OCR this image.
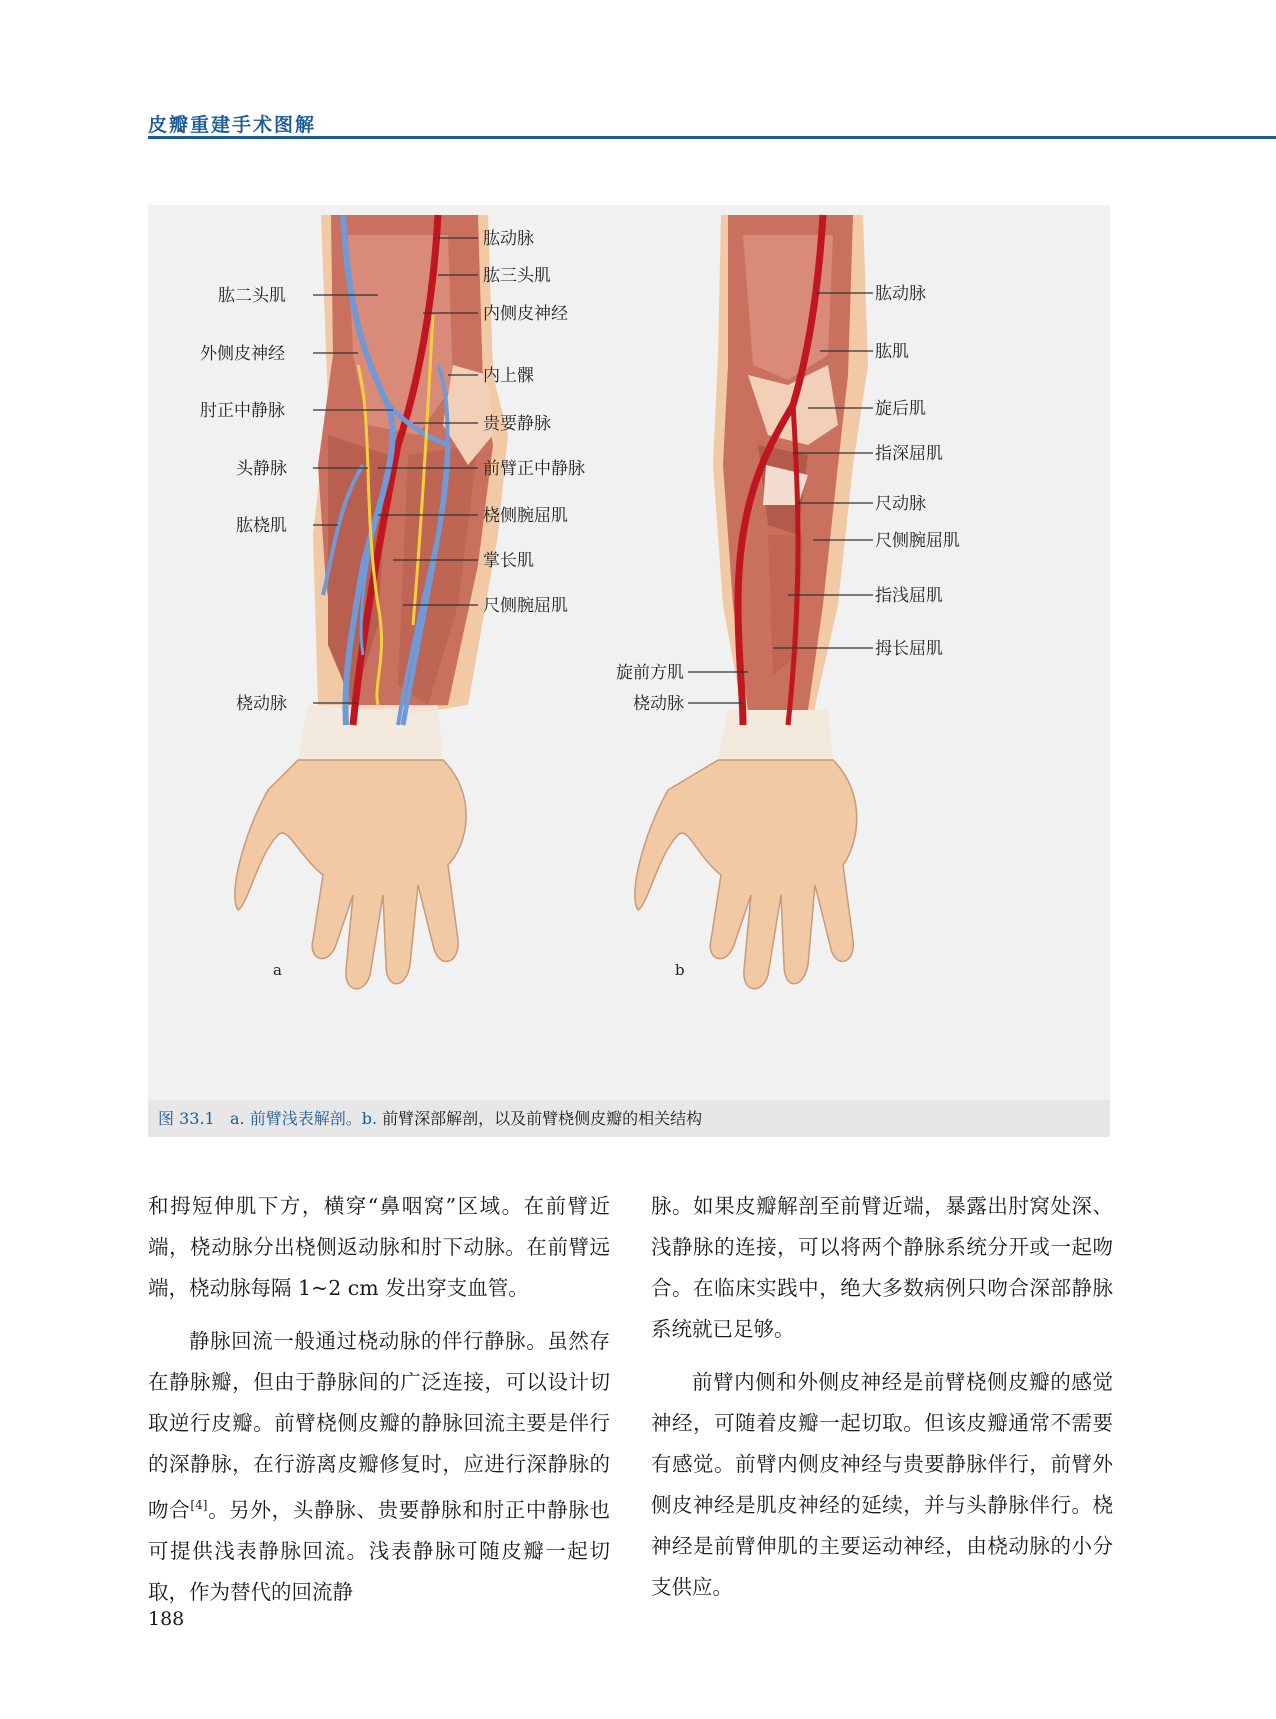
皮瓣重建手术图解
肱二头肌
外侧皮神经
肘正中静脉
头静脉
肱桡肌
桡动脉
肱动脉
肱三头肌
内侧皮神经
内上髁
贵要静脉
前臂正中静脉
桡侧腕屈肌
掌长肌
尺侧腕屈肌
a
旋前方肌
桡动脉
肱动脉
肱肌
旋后肌
指深屈肌
尺动脉
尺侧腕屈肌
指浅屈肌
拇长屈肌
b
图 33.1 a. 前臂浅表解剖。b. 前臂深部解剖，以及前臂桡侧皮瓣的相关结构

和拇短伸肌下方，横穿“鼻咽窝”区域。在前臂近端，桡动脉分出桡侧返动脉和肘下动脉。在前臂远端，桡动脉每隔 1~2 cm 发出穿支血管。

静脉回流一般通过桡动脉的伴行静脉。虽然存在静脉瓣，但由于静脉间的广泛连接，可以设计切取逆行皮瓣。前臂桡侧皮瓣的静脉回流主要是伴行的深静脉，在行游离皮瓣修复时，应进行深静脉的吻合[4]。另外，头静脉、贵要静脉和肘正中静脉也可提供浅表静脉回流。浅表静脉可随皮瓣一起切取，作为替代的回流静

脉。如果皮瓣解剖至前臂近端，暴露出肘窝处深、浅静脉的连接，可以将两个静脉系统分开或一起吻合。在临床实践中，绝大多数病例只吻合深部静脉系统就已足够。

前臂内侧和外侧皮神经是前臂桡侧皮瓣的感觉神经，可随着皮瓣一起切取。但该皮瓣通常不需要有感觉。前臂内侧皮神经与贵要静脉伴行，前臂外侧皮神经是肌皮神经的延续，并与头静脉伴行。桡神经是前臂伸肌的主要运动神经，由桡动脉的小分支供应。

188
